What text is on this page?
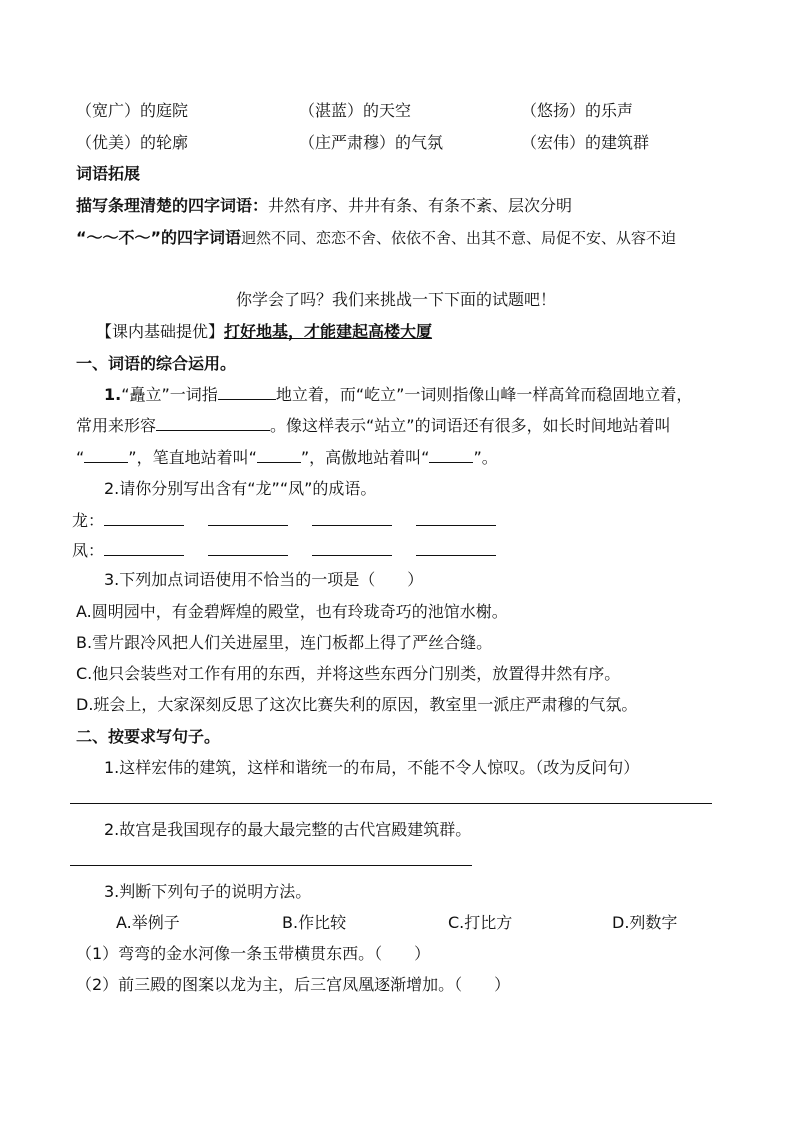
（宽广）的庭院	（湛蓝）的天空	（悠扬）的乐声
（优美）的轮廓	（庄严肃穆）的气氛	（宏伟）的建筑群
词语拓展
描写条理清楚的四字词语：井然有序、井井有条、有条不紊、层次分明
“～～不～”的四字词语迥然不同、恋恋不舍、依依不舍、出其不意、局促不安、从容不迫
你学会了吗？我们来挑战一下下面的试题吧！
【课内基础提优】打好地基，才能建起高楼大厦
一、词语的综合运用。
1.“矗立”一词指	地立着，而“屹立”一词则指像山峰一样高耸而稳固地立着，
常用来形容	。像这样表示“站立”的词语还有很多，如长时间地站着叫
“	”，笔直地站着叫“	”，高傲地站着叫“	”。
2.请你分别写出含有“龙”“凤”的成语。
龙：
凤：
3.下列加点词语使用不恰当的一项是（　　）
A.圆明园中，有金碧辉煌的殿堂，也有玲珑奇巧的池馆水榭。
B.雪片跟冷风把人们关进屋里，连门板都上得了严丝合缝。
C.他只会装些对工作有用的东西，并将这些东西分门别类，放置得井然有序。
D.班会上，大家深刻反思了这次比赛失利的原因，教室里一派庄严肃穆的气氛。
二、按要求写句子。
1.这样宏伟的建筑，这样和谐统一的布局，不能不令人惊叹。（改为反问句）
2.故宫是我国现存的最大最完整的古代宫殿建筑群。
3.判断下列句子的说明方法。
A.举例子	B.作比较	C.打比方	D.列数字
（1）弯弯的金水河像一条玉带横贯东西。（　　）
（2）前三殿的图案以龙为主，后三宫凤凰逐渐增加。（　　）
